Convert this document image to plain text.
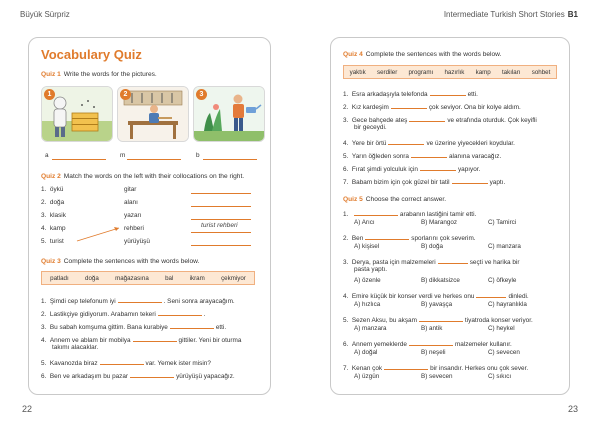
Büyük Sürpriz	Intermediate Turkish Short Stories B1
Vocabulary Quiz
Quiz 1 Write the words for the pictures.
1	2	3
a	m	b
Quiz 2 Match the words on the left with their collocations on the right.
1. öykü
2. doğa
3. klasik
4. kamp
5. turist
gitar
alanı
yazarı
rehberi
yürüyüşü
turist rehberi
Quiz 3 Complete the sentences with the words below.
patladı	doğa	mağazasına	bal	ikram	çekmiyor
1. Şimdi cep telefonum iyi	. Seni sonra arayacağım.
2. Lastikçiye gidiyorum. Arabamın tekeri	.
3. Bu sabah komşuma gittim. Bana kurabiye	etti.
4. Annem ve ablam bir mobilya	gittiler. Yeni bir oturma
takımı alacaklar.
5. Kavanozda biraz	var. Yemek ister misin?
6. Ben ve arkadaşım bu pazar	yürüyüşü yapacağız.
Quiz 4 Complete the sentences with the words below.
yaktık serdiler programı hazırlık kamp takıları sohbet
1. Esra arkadaşıyla telefonda	etti.
2. Kız kardeşim	çok seviyor. Ona bir kolye aldım.
3. Gece bahçede ateş	ve etrafında oturduk. Çok keyifli
bir geceydi.
4. Yere bir örtü	ve üzerine yiyecekleri koydular.
5. Yarın öğleden sonra	alanına varacağız.
6. Fırat şimdi yolculuk için	yapıyor.
7. Babam bizim için çok güzel bir tatil	yaptı.
Quiz 5 Choose the correct answer.
1.	arabanın lastiğini tamir etti.
A) Arıcı	B) Marangoz	C) Tamirci
2. Ben	sporlarını çok severim.
A) kişisel	B) doğa	C) manzara
3. Derya, pasta için malzemeleri	seçti ve harika bir
pasta yaptı.
A) özenle	B) dikkatsizce	C) öfkeyle
4. Emire küçük bir konser verdi ve herkes onu	dinledi.
A) hızlıca	B) yavaşça	C) hayranlıkla
5. Sezen Aksu, bu akşam	tiyatroda konser veriyor.
A) manzara	B) antik	C) heykel
6. Annem yemeklerde	malzemeler kullanır.
A) doğal	B) neşeli	C) sevecen
7. Kenan çok	bir insandır. Herkes onu çok sever.
A) üzgün	B) sevecen	C) sıkıcı
22	23
